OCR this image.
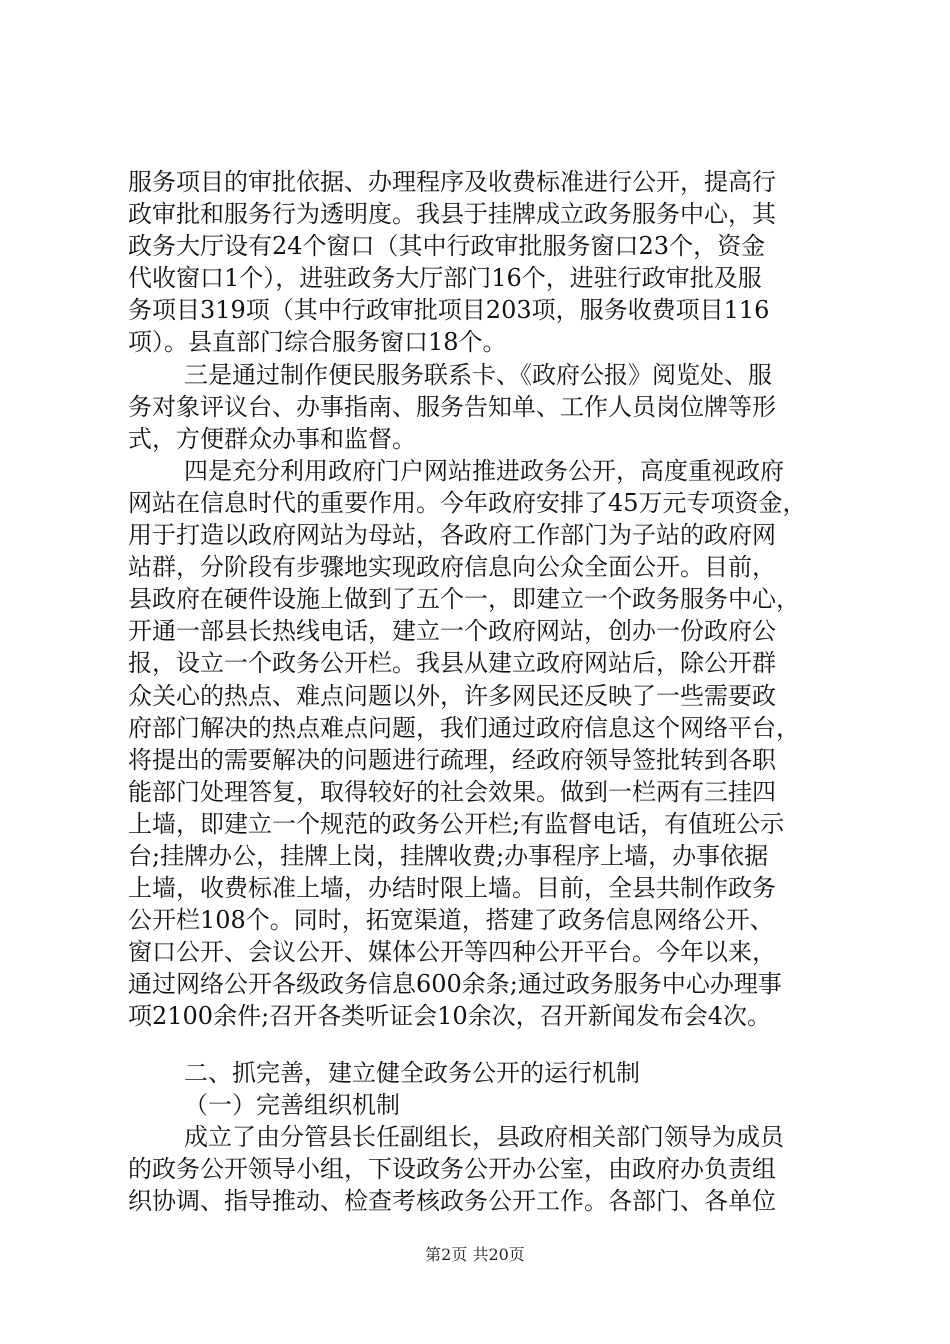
服务项目的审批依据、办理程序及收费标准进行公开，提高行
政审批和服务行为透明度。我县于挂牌成立政务服务中心，其
政务大厅设有24个窗口（其中行政审批服务窗口23个，资金
代收窗口1个），进驻政务大厅部门16个，进驻行政审批及服
务项目319项（其中行政审批项目203项，服务收费项目116
项）。县直部门综合服务窗口18个。
三是通过制作便民服务联系卡、《政府公报》阅览处、服
务对象评议台、办事指南、服务告知单、工作人员岗位牌等形
式，方便群众办事和监督。
四是充分利用政府门户网站推进政务公开，高度重视政府
网站在信息时代的重要作用。今年政府安排了45万元专项资金，
用于打造以政府网站为母站，各政府工作部门为子站的政府网
站群，分阶段有步骤地实现政府信息向公众全面公开。目前，
县政府在硬件设施上做到了五个一，即建立一个政务服务中心，
开通一部县长热线电话，建立一个政府网站，创办一份政府公
报，设立一个政务公开栏。我县从建立政府网站后，除公开群
众关心的热点、难点问题以外，许多网民还反映了一些需要政
府部门解决的热点难点问题，我们通过政府信息这个网络平台，
将提出的需要解决的问题进行疏理，经政府领导签批转到各职
能部门处理答复，取得较好的社会效果。做到一栏两有三挂四
上墙，即建立一个规范的政务公开栏;有监督电话，有值班公示
台;挂牌办公，挂牌上岗，挂牌收费;办事程序上墙，办事依据
上墙，收费标准上墙，办结时限上墙。目前，全县共制作政务
公开栏108个。同时，拓宽渠道，搭建了政务信息网络公开、
窗口公开、会议公开、媒体公开等四种公开平台。今年以来，
通过网络公开各级政务信息600余条;通过政务服务中心办理事
项2100余件;召开各类听证会10余次，召开新闻发布会4次。
二、抓完善，建立健全政务公开的运行机制
（一）完善组织机制
成立了由分管县长任副组长，县政府相关部门领导为成员
的政务公开领导小组，下设政务公开办公室，由政府办负责组
织协调、指导推动、检查考核政务公开工作。各部门、各单位
第2页 共20页
